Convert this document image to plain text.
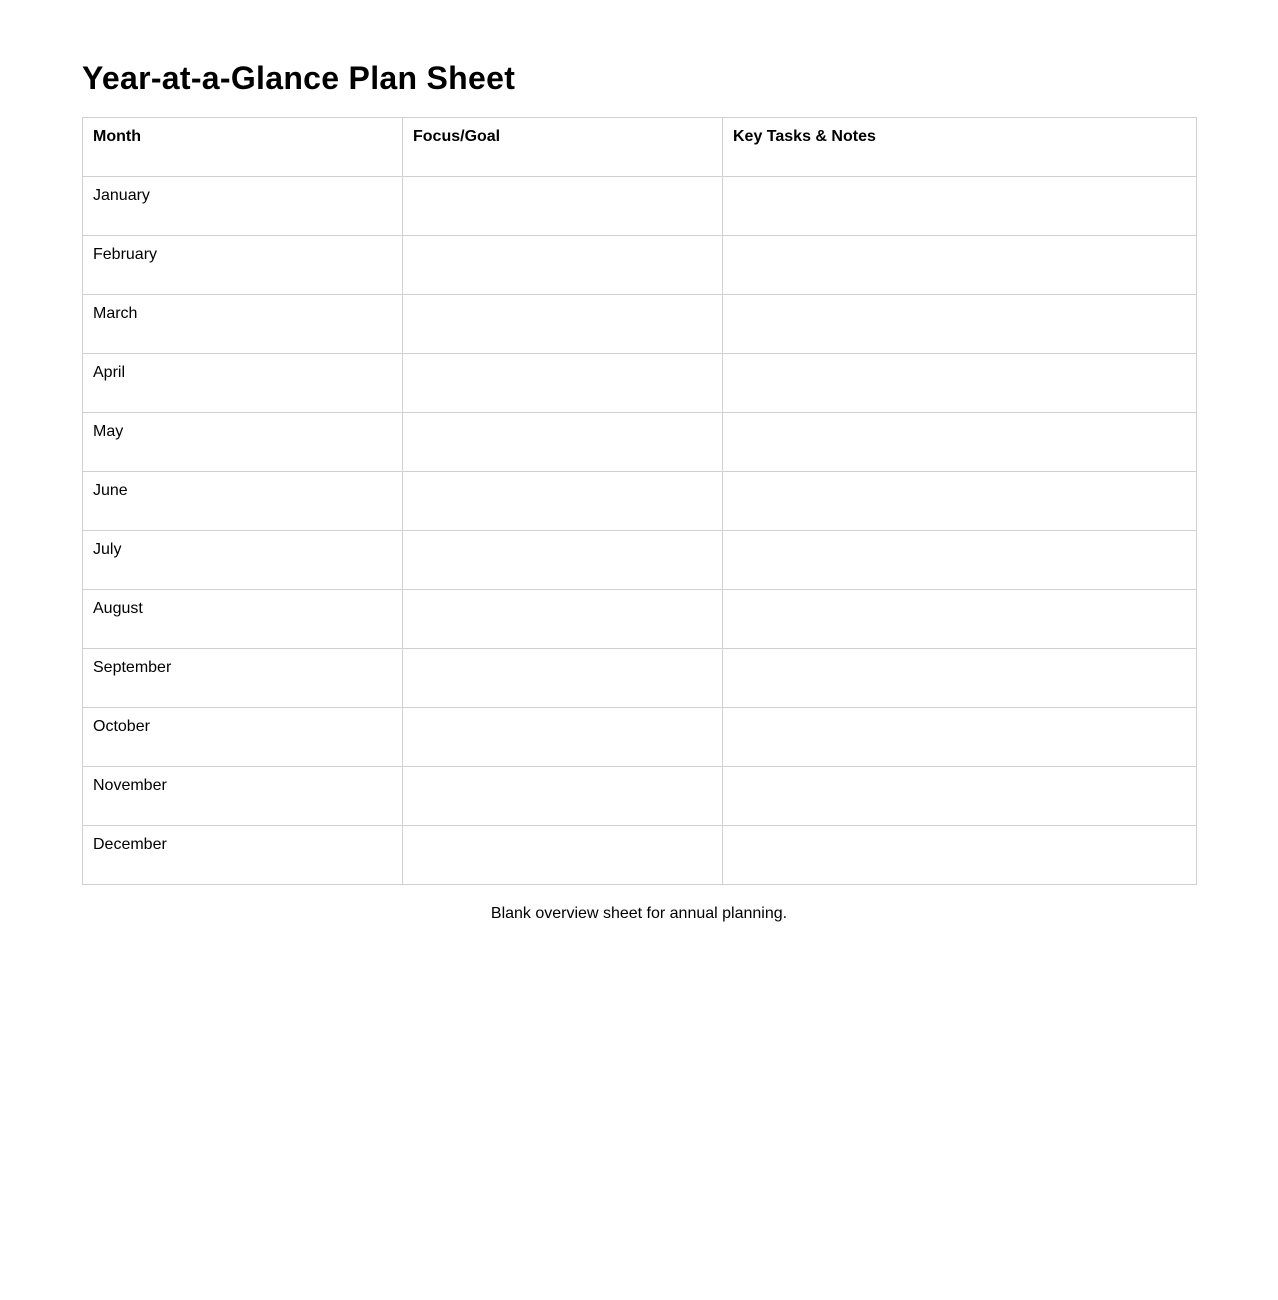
Year-at-a-Glance Plan Sheet
Month	Focus/Goal	Key Tasks & Notes

January		

February		

March		

April		

May		

June		

July		

August		

September		

October		

November		

December		

Blank overview sheet for annual planning.
